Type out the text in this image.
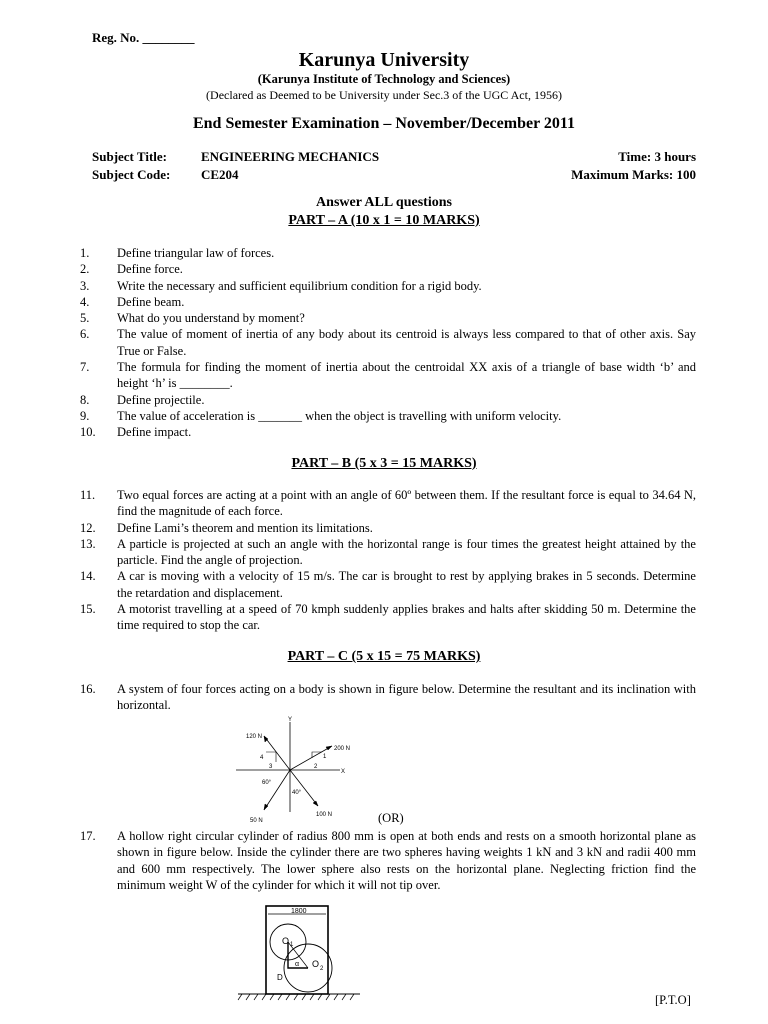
Reg. No. ________
Karunya University
(Karunya Institute of Technology and Sciences)
(Declared as Deemed to be University under Sec.3 of the UGC Act, 1956)
End Semester Examination – November/December 2011
Subject Title:	ENGINEERING MECHANICS	Time: 3 hours
Subject Code: CE204	Maximum Marks: 100
Answer ALL questions
PART – A (10 x 1 = 10 MARKS)
1. Define triangular law of forces.
2. Define force.
3. Write the necessary and sufficient equilibrium condition for a rigid body.
4. Define beam.
5. What do you understand by moment?
6. The value of moment of inertia of any body about its centroid is always less compared to that of other axis. Say True or False.
7. The formula for finding the moment of inertia about the centroidal XX axis of a triangle of base width ‘b’ and height ‘h’ is ________.
8. Define projectile.
9. The value of acceleration is _______ when the object is travelling with uniform velocity.
10. Define impact.
PART – B (5 x 3 = 15 MARKS)
11. Two equal forces are acting at a point with an angle of 60º between them. If the resultant force is equal to 34.64 N, find the magnitude of each force.
12. Define Lami’s theorem and mention its limitations.
13. A particle is projected at such an angle with the horizontal range is four times the greatest height attained by the particle. Find the angle of projection.
14. A car is moving with a velocity of 15 m/s. The car is brought to rest by applying brakes in 5 seconds. Determine the retardation and displacement.
15. A motorist travelling at a speed of 70 kmph suddenly applies brakes and halts after skidding 50 m. Determine the time required to stop the car.
PART – C (5 x 15 = 75 MARKS)
16. A system of four forces acting on a body is shown in figure below. Determine the resultant and its inclination with horizontal.
Y
X
120 N
200 N
50 N
100 N
4
3
1
2
60°
40°
(OR)
17. A hollow right circular cylinder of radius 800 mm is open at both ends and rests on a smooth horizontal plane as shown in figure below. Inside the cylinder there are two spheres having weights 1 kN and 3 kN and radii 400 mm and 600 mm respectively. The lower sphere also rests on the horizontal plane. Neglecting friction find the minimum weight W of the cylinder for which it will not tip over.
1800
O 1
O 2
α
D
[P.T.O]
